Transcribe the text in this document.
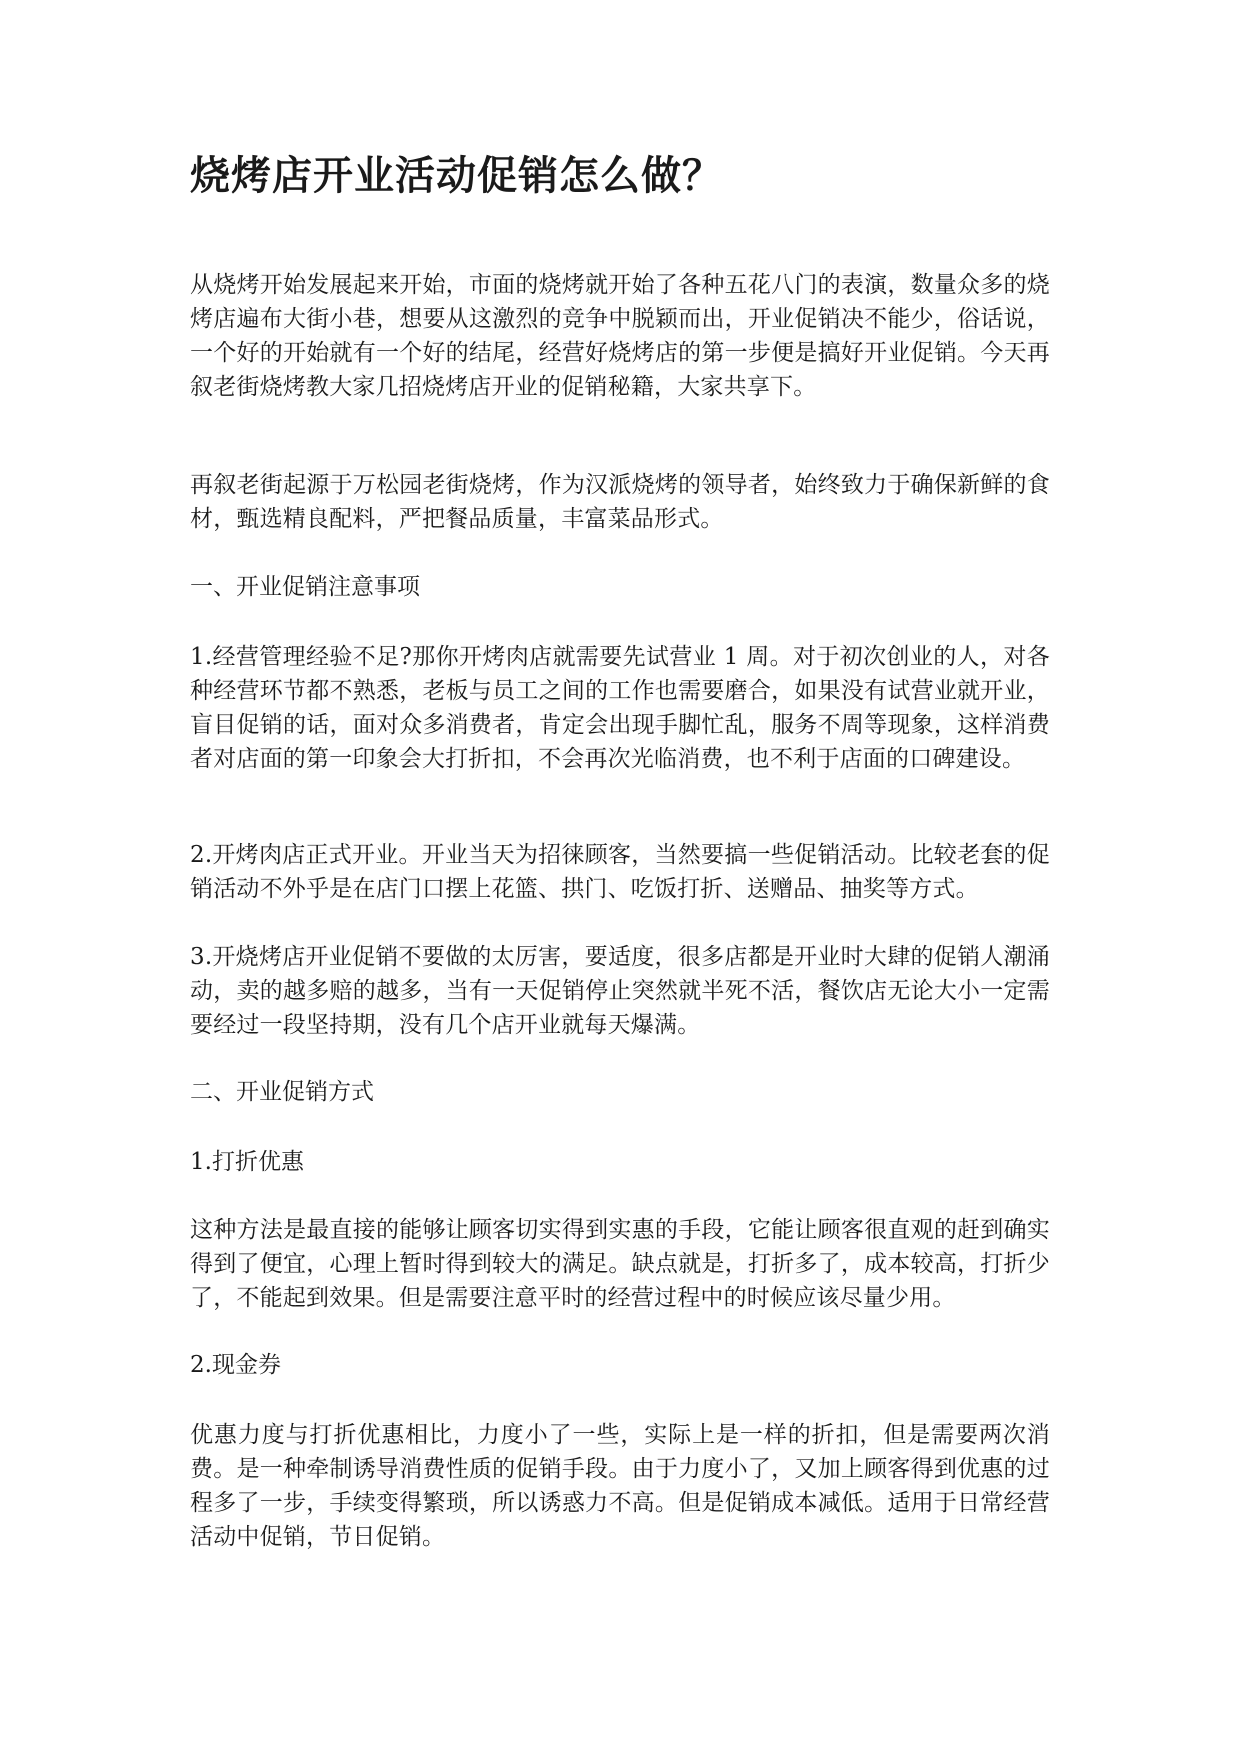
烧烤店开业活动促销怎么做？

从烧烤开始发展起来开始，市面的烧烤就开始了各种五花八门的表演，数量众多的烧烤店遍布大街小巷，想要从这激烈的竞争中脱颖而出，开业促销决不能少，俗话说，一个好的开始就有一个好的结尾，经营好烧烤店的第一步便是搞好开业促销。今天再叙老街烧烤教大家几招烧烤店开业的促销秘籍，大家共享下。

再叙老街起源于万松园老街烧烤，作为汉派烧烤的领导者，始终致力于确保新鲜的食材，甄选精良配料，严把餐品质量，丰富菜品形式。

一、开业促销注意事项

1.经营管理经验不足?那你开烤肉店就需要先试营业 1 周。对于初次创业的人，对各种经营环节都不熟悉，老板与员工之间的工作也需要磨合，如果没有试营业就开业，盲目促销的话，面对众多消费者，肯定会出现手脚忙乱，服务不周等现象，这样消费者对店面的第一印象会大打折扣，不会再次光临消费，也不利于店面的口碑建设。

2.开烤肉店正式开业。开业当天为招徕顾客，当然要搞一些促销活动。比较老套的促销活动不外乎是在店门口摆上花篮、拱门、吃饭打折、送赠品、抽奖等方式。

3.开烧烤店开业促销不要做的太厉害，要适度，很多店都是开业时大肆的促销人潮涌动，卖的越多赔的越多，当有一天促销停止突然就半死不活，餐饮店无论大小一定需要经过一段坚持期，没有几个店开业就每天爆满。

二、开业促销方式

1.打折优惠

这种方法是最直接的能够让顾客切实得到实惠的手段，它能让顾客很直观的赶到确实得到了便宜，心理上暂时得到较大的满足。缺点就是，打折多了，成本较高，打折少了，不能起到效果。但是需要注意平时的经营过程中的时候应该尽量少用。

2.现金券

优惠力度与打折优惠相比，力度小了一些，实际上是一样的折扣，但是需要两次消费。是一种牵制诱导消费性质的促销手段。由于力度小了，又加上顾客得到优惠的过程多了一步，手续变得繁琐，所以诱惑力不高。但是促销成本减低。适用于日常经营活动中促销，节日促销。
